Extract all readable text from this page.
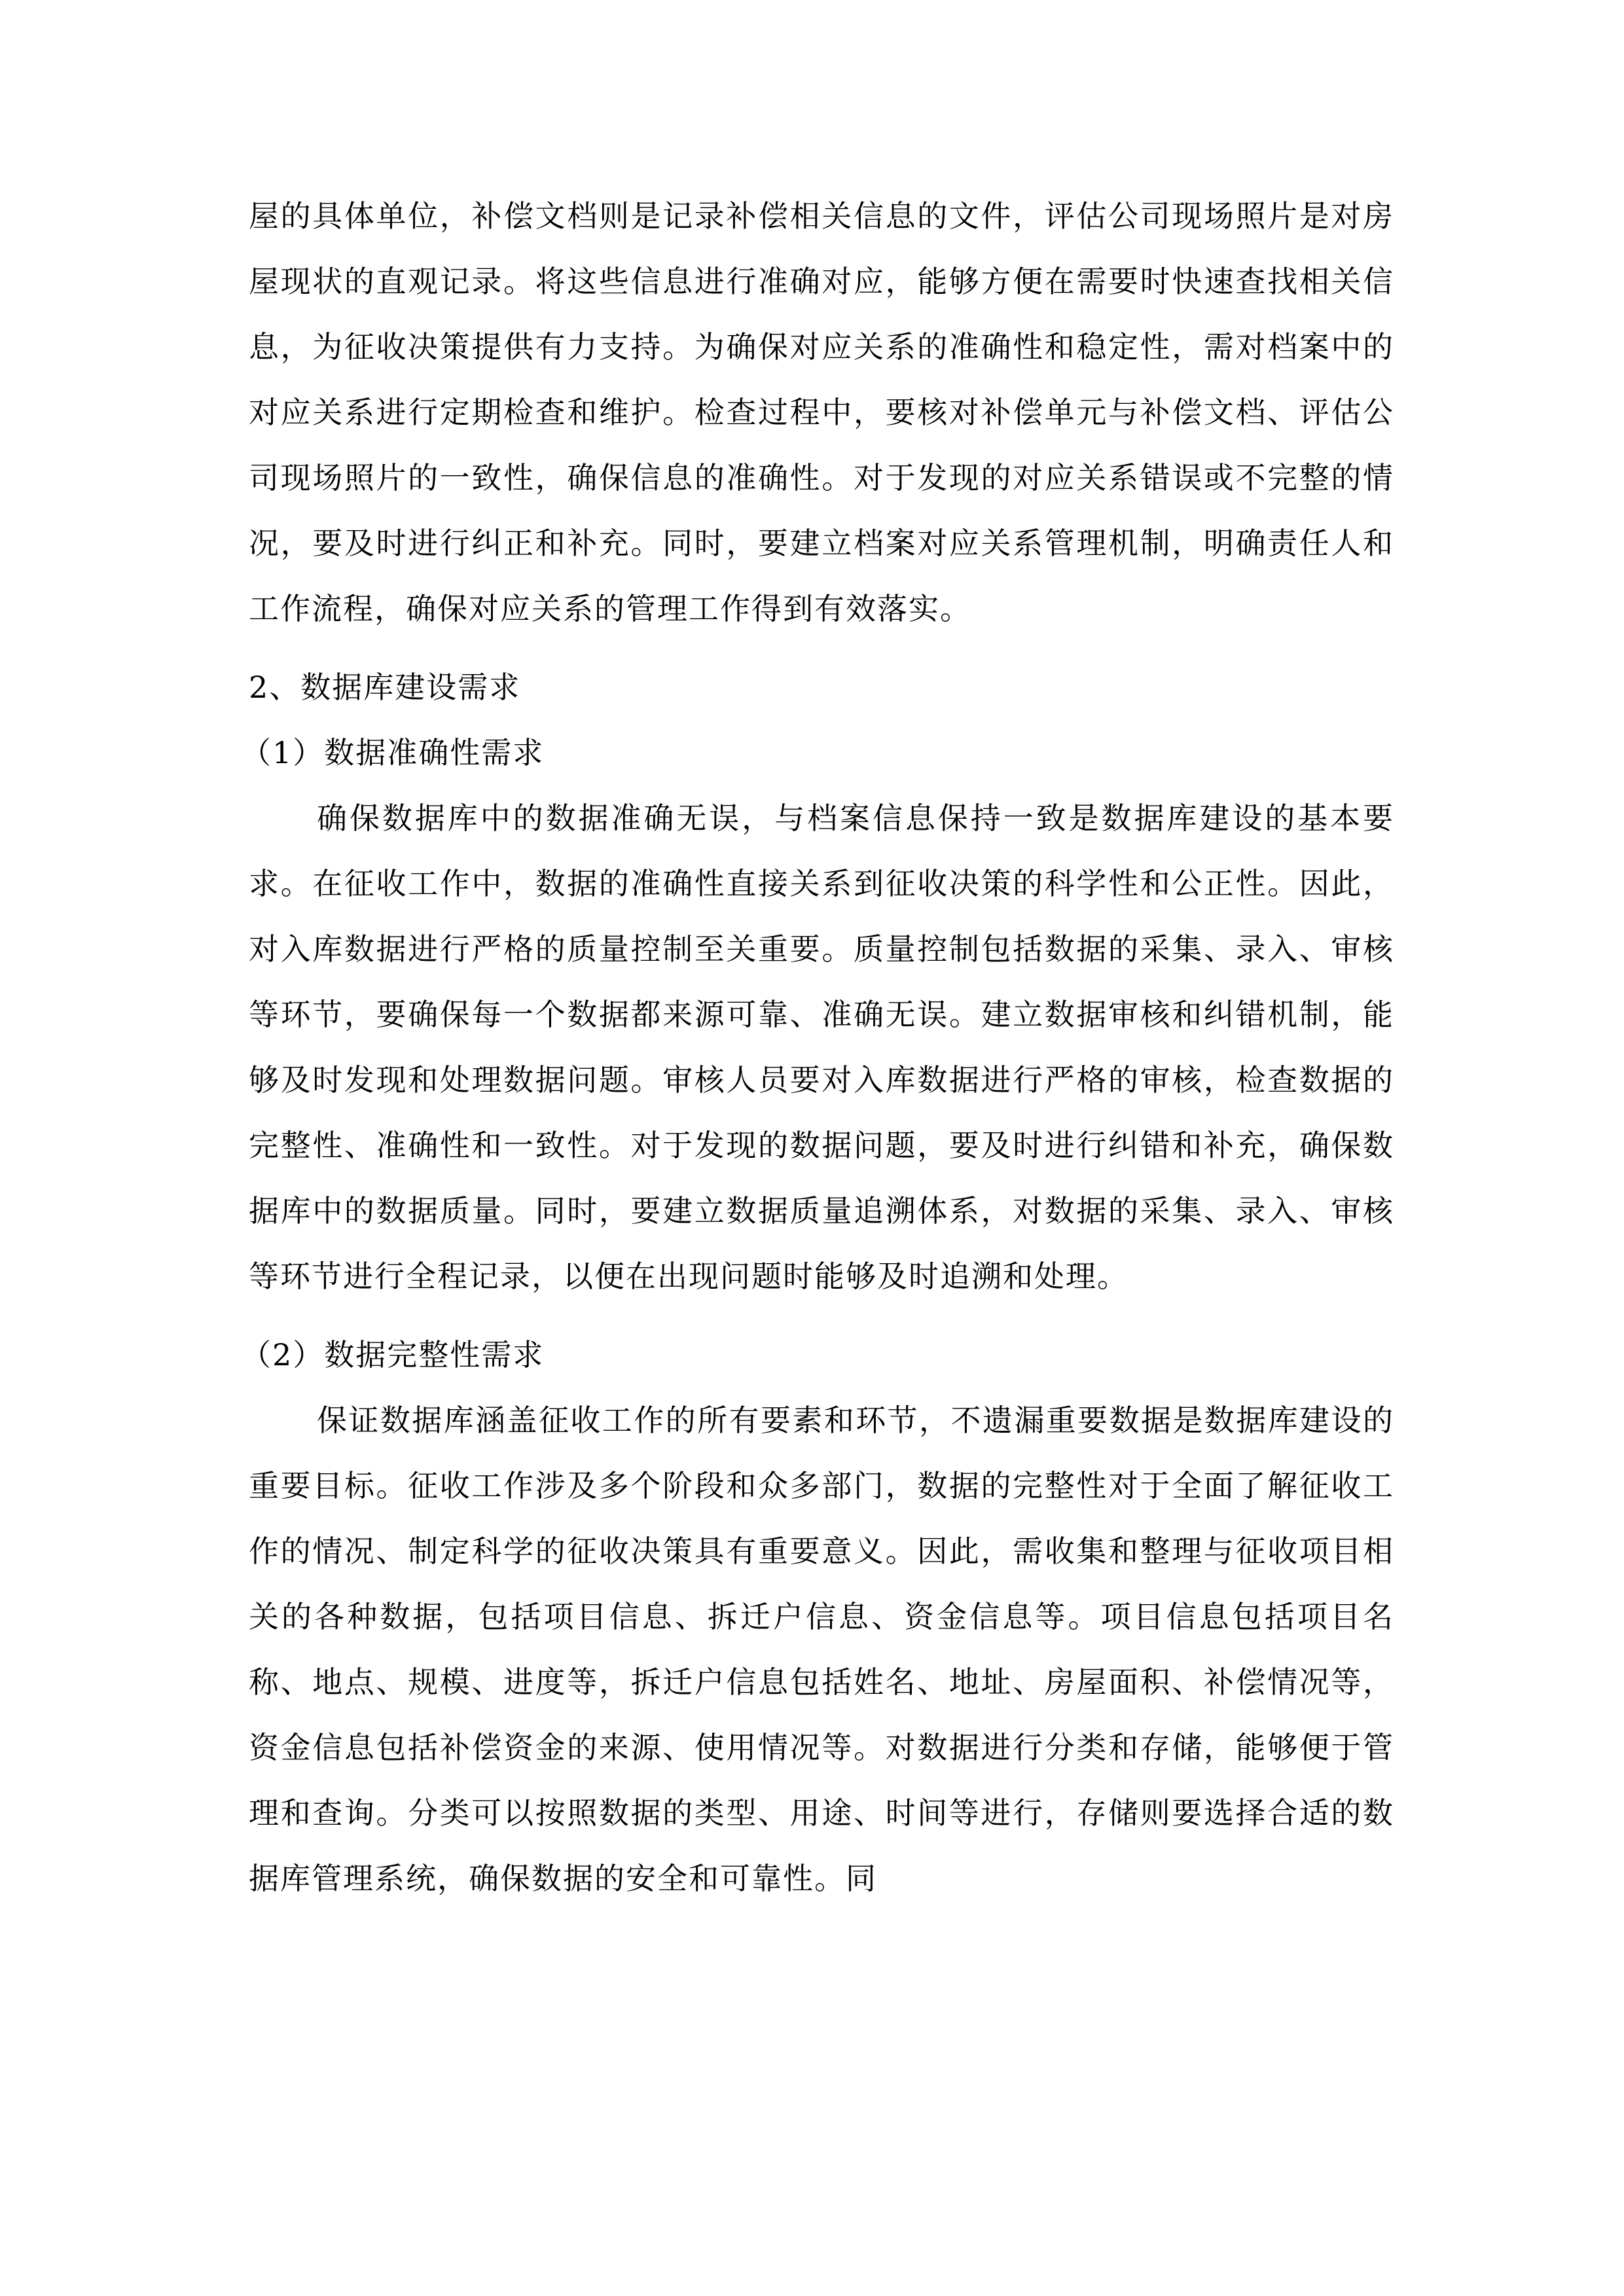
屋的具体单位，补偿文档则是记录补偿相关信息的文件，评估公司现场照片是对房屋现状的直观记录。将这些信息进行准确对应，能够方便在需要时快速查找相关信息，为征收决策提供有力支持。为确保对应关系的准确性和稳定性，需对档案中的对应关系进行定期检查和维护。检查过程中，要核对补偿单元与补偿文档、评估公司现场照片的一致性，确保信息的准确性。对于发现的对应关系错误或不完整的情况，要及时进行纠正和补充。同时，要建立档案对应关系管理机制，明确责任人和工作流程，确保对应关系的管理工作得到有效落实。

2、数据库建设需求

（1）数据准确性需求

确保数据库中的数据准确无误，与档案信息保持一致是数据库建设的基本要求。在征收工作中，数据的准确性直接关系到征收决策的科学性和公正性。因此，对入库数据进行严格的质量控制至关重要。质量控制包括数据的采集、录入、审核等环节，要确保每一个数据都来源可靠、准确无误。建立数据审核和纠错机制，能够及时发现和处理数据问题。审核人员要对入库数据进行严格的审核，检查数据的完整性、准确性和一致性。对于发现的数据问题，要及时进行纠错和补充，确保数据库中的数据质量。同时，要建立数据质量追溯体系，对数据的采集、录入、审核等环节进行全程记录，以便在出现问题时能够及时追溯和处理。

（2）数据完整性需求

保证数据库涵盖征收工作的所有要素和环节，不遗漏重要数据是数据库建设的重要目标。征收工作涉及多个阶段和众多部门，数据的完整性对于全面了解征收工作的情况、制定科学的征收决策具有重要意义。因此，需收集和整理与征收项目相关的各种数据，包括项目信息、拆迁户信息、资金信息等。项目信息包括项目名称、地点、规模、进度等，拆迁户信息包括姓名、地址、房屋面积、补偿情况等，资金信息包括补偿资金的来源、使用情况等。对数据进行分类和存储，能够便于管理和查询。分类可以按照数据的类型、用途、时间等进行，存储则要选择合适的数据库管理系统，确保数据的安全和可靠性。同
